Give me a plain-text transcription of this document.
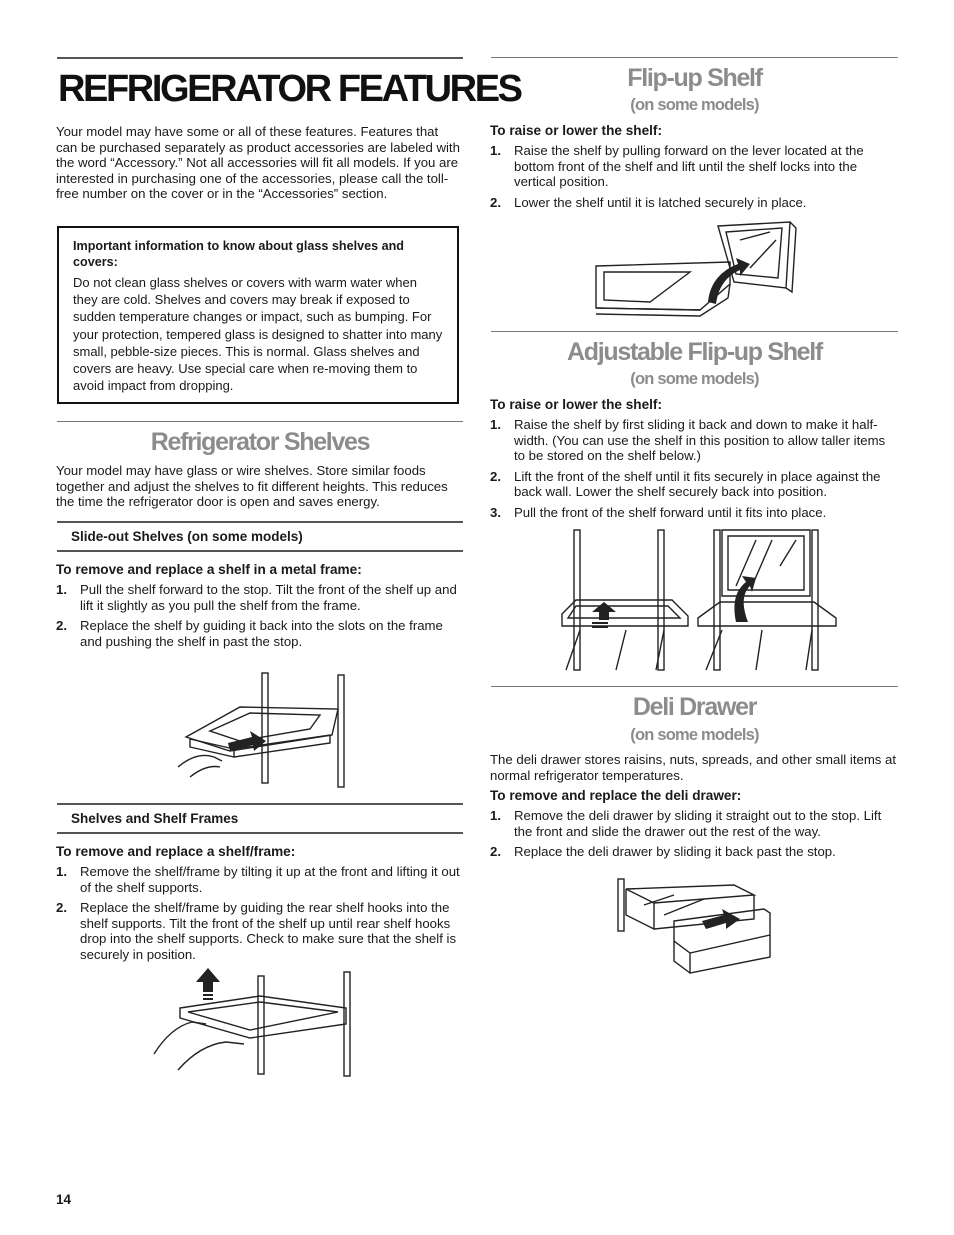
REFRIGERATOR FEATURES

Your model may have some or all of these features. Features that can be purchased separately as product accessories are labeled with the word “Accessory.” Not all accessories will fit all models. If you are interested in purchasing one of the accessories, please call the toll-free number on the cover or in the “Accessories” section.

Important information to know about glass shelves and covers:

Do not clean glass shelves or covers with warm water when they are cold. Shelves and covers may break if exposed to sudden temperature changes or impact, such as bumping. For your protection, tempered glass is designed to shatter into many small, pebble-size pieces. This is normal. Glass shelves and covers are heavy. Use special care when re-moving them to avoid impact from dropping.

Refrigerator Shelves

Your model may have glass or wire shelves. Store similar foods together and adjust the shelves to fit different heights. This reduces the time the refrigerator door is open and saves energy.

Slide-out Shelves (on some models)
To remove and replace a shelf in a metal frame:
1. Pull the shelf forward to the stop. Tilt the front of the shelf up and lift it slightly as you pull the shelf from the frame.
2. Replace the shelf by guiding it back into the slots on the frame and pushing the shelf in past the stop.
Shelves and Shelf Frames
To remove and replace a shelf/frame:
1. Remove the shelf/frame by tilting it up at the front and lifting it out of the shelf supports.
2. Replace the shelf/frame by guiding the rear shelf hooks into the shelf supports. Tilt the front of the shelf up until rear shelf hooks drop into the shelf supports. Check to make sure that the shelf is securely in position.
14
Flip-up Shelf
(on some models)
To raise or lower the shelf:
1. Raise the shelf by pulling forward on the lever located at the bottom front of the shelf and lift until the shelf locks into the vertical position.
2. Lower the shelf until it is latched securely in place.
Adjustable Flip-up Shelf
(on some models)
To raise or lower the shelf:
1. Raise the shelf by first sliding it back and down to make it half-width. (You can use the shelf in this position to allow taller items to be stored on the shelf below.)
2. Lift the front of the shelf until it fits securely in place against the back wall. Lower the shelf securely back into position.
3. Pull the front of the shelf forward until it fits into place.
Deli Drawer
(on some models)

The deli drawer stores raisins, nuts, spreads, and other small items at normal refrigerator temperatures.

To remove and replace the deli drawer:
1. Remove the deli drawer by sliding it straight out to the stop. Lift the front and slide the drawer out the rest of the way.
2. Replace the deli drawer by sliding it back past the stop.
